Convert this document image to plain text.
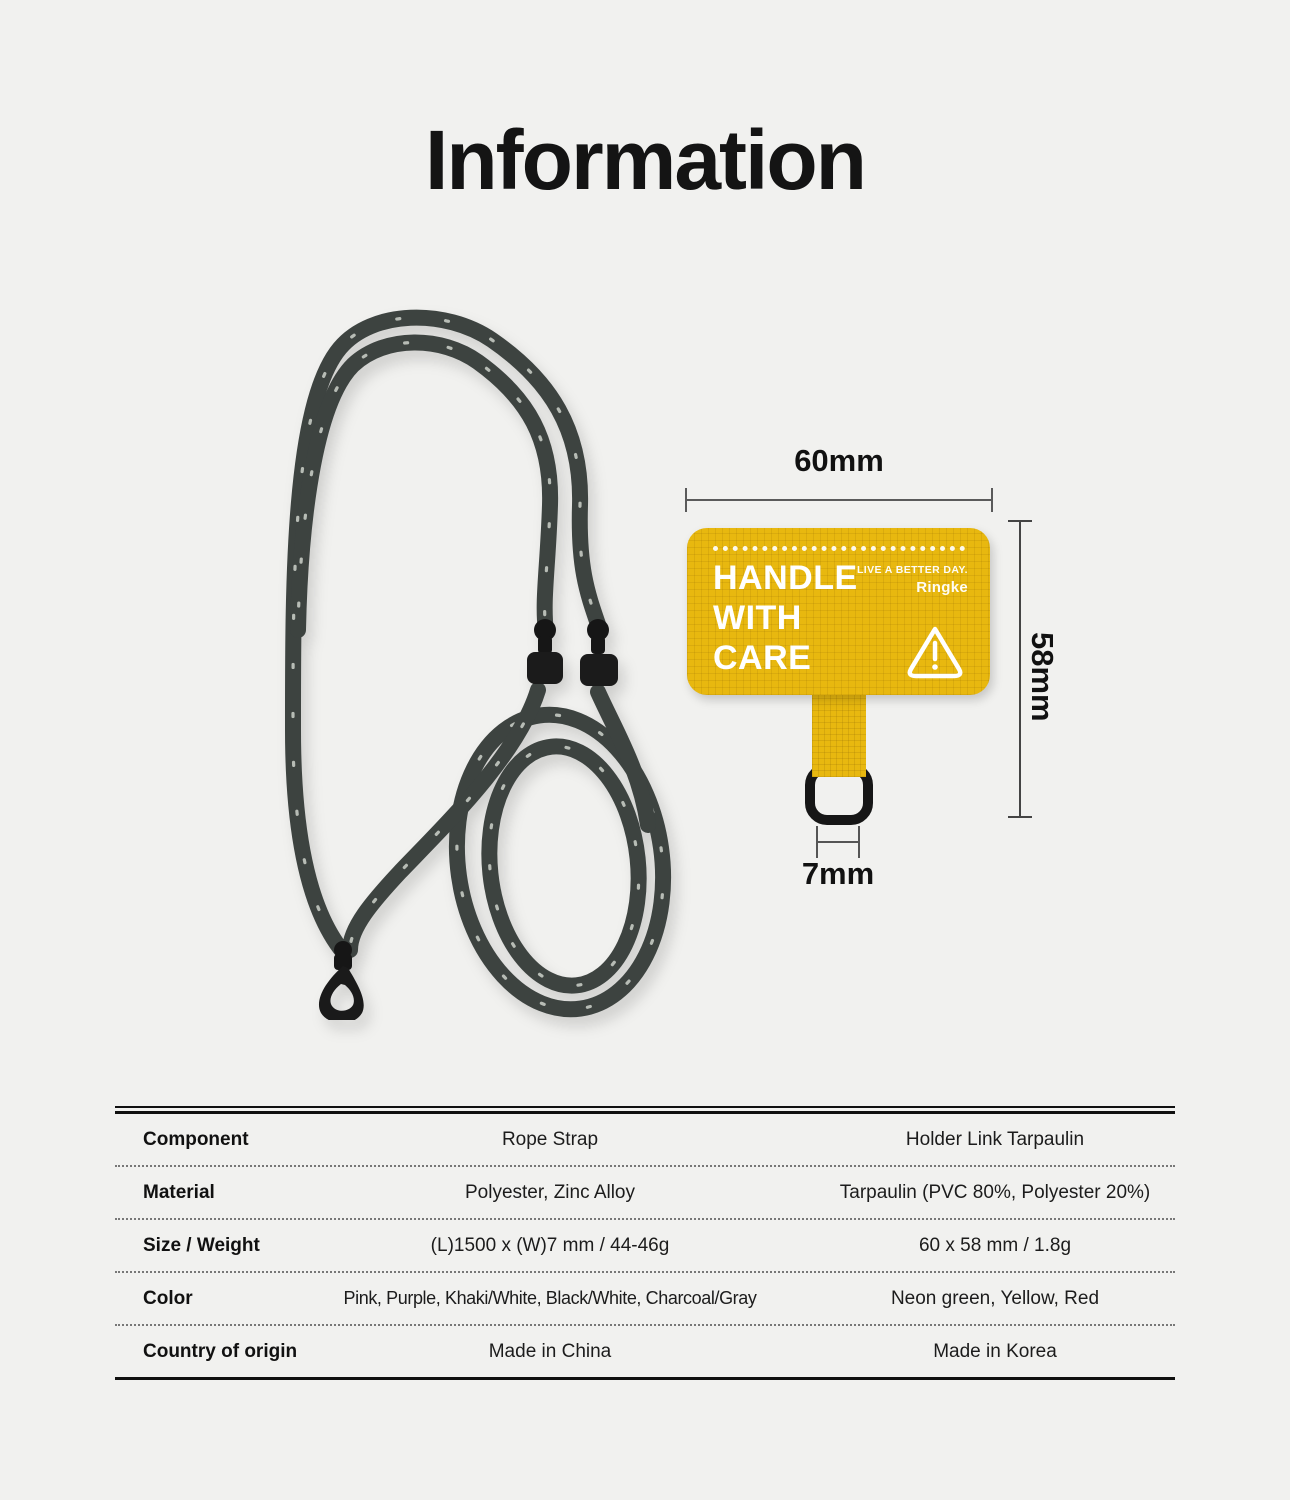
Information
HANDLE
WITH
CARE
LIVE A BETTER DAY.
Ringke
60mm
58mm
7mm
Component	Rope Strap	Holder Link Tarpaulin
Material	Polyester, Zinc Alloy	Tarpaulin (PVC 80%, Polyester 20%)
Size / Weight	(L)1500 x (W)7 mm / 44-46g	60 x 58 mm / 1.8g
Color	Pink, Purple, Khaki/White, Black/White, Charcoal/Gray	Neon green, Yellow, Red
Country of origin	Made in China	Made in Korea
